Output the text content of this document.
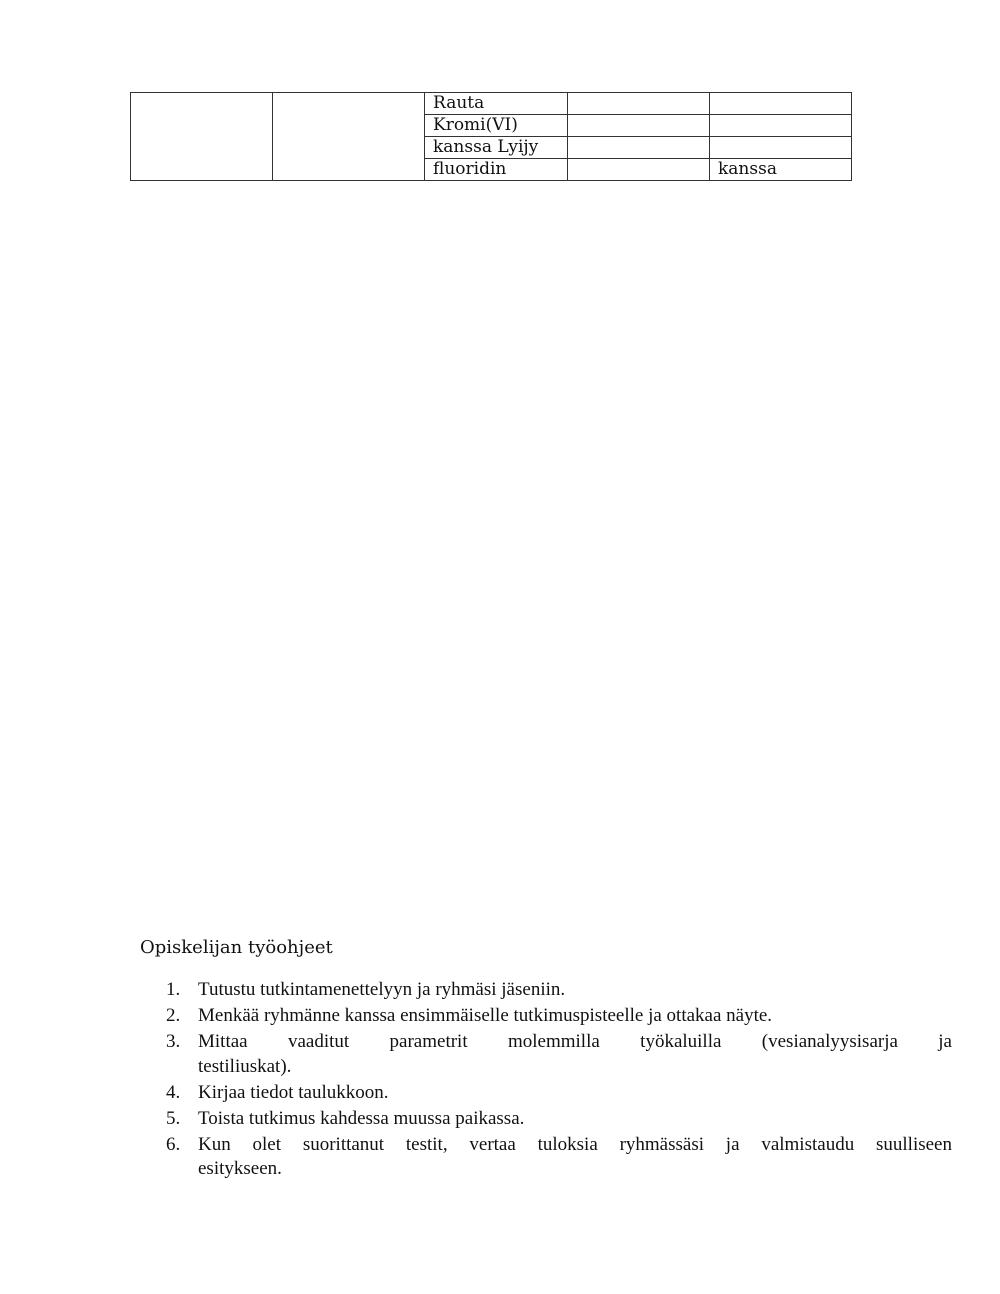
		Rauta		
		Kromi(VI)		
		kanssa Lyijy		
		fluoridin		kanssa
Opiskelijan työohjeet
1 .	Tutustu tutkintamenettelyyn ja ryhmäsi jäseniin.
2 .	Menkää ryhmänne kanssa ensimmäiselle tutkimuspisteelle ja ottakaa näyte.
3 .	Mittaa vaaditut parametrit molemmilla työkaluilla (vesianalyysisarja ja
testiliuskat).
4 .	Kirjaa tiedot taulukkoon.
5 .	Toista tutkimus kahdessa muussa paikassa.
6 .	Kun olet suorittanut testit, vertaa tuloksia ryhmässäsi ja valmistaudu suulliseen
esitykseen.
